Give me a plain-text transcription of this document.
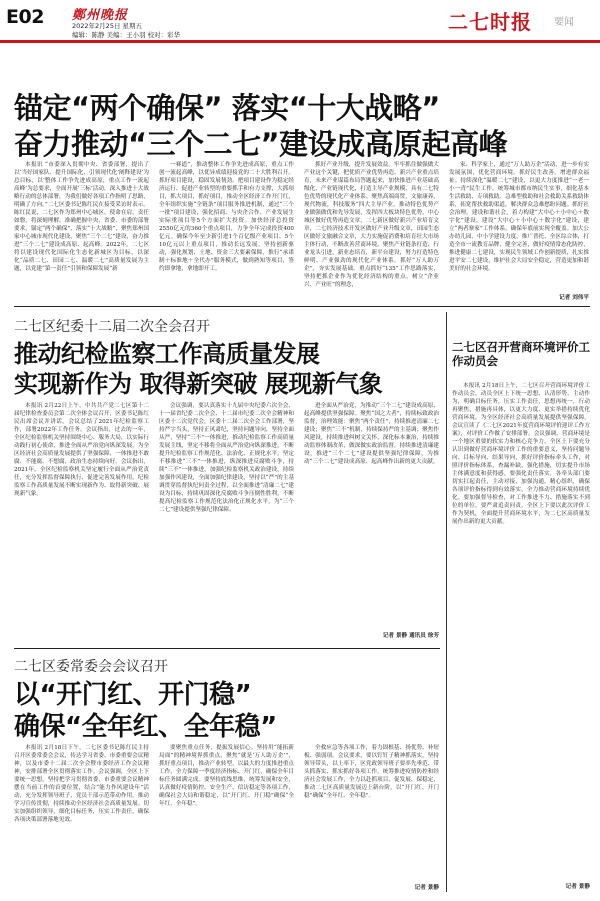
E02 鄭州晚报
2022年2月25日 星期五
编辑：陈静 美编：王小羽 校对：彩华
二七时报 要闻
锚定“两个确保” 落实“十大战略”
奋力推动“三个二七”建设成高原起高峰

本报讯 “市委深入贯彻中央、省委部署，提出了以‘当好国家队、提升国际化、引领现代化’阐释建设‘为总目标，以‘整体工作争先进成高原，重点工作一流起高峰’为总要求，全面开展‘三标’活动，深入推进十大战略行动的总体部署，为我们做好各项工作指明了思路，明确了方向。”二七区委书记陈红民在接受采访时表示。陈红民说，二七区作为郑州中心城区，使命在肩，责任如磐，将深刻理解、准确把握中央、省委、市委的部署要求，锚定“两个确保”，落实“十大战略”，聚焦郑州国家中心城市现代化建设，聚焦“三个二七”建设，奋力推进“三个二七”建设成高原、起高峰。2022年，二七区将以建设现代化国际化生态化新城区为目标，以深化“品质二七、田园二七、温暖二七”高质量发展为主题，以党建“第一责任”引领和保障发展“新

一赛道”，推动整体工作争先进成高原，重点工作创一流起高峰，以优异成绩迎接党的二十大胜利召开。抓好项目建设，稳固发展韧劲。把项目建设作为稳定经济运行、促进产业转型的重要抓手和有力支撑，大抓项目，抓大项目，抓好项目，推动全区经济工作开门红，全年组织实施“全链条”项目服务推进机制，通过“三个一批”项目建设，强化招商、与央企合作、产业发展生实际重项目等5个方面扩大投资。加快经济总投资2550亿元的360个重点项目，力争全年完成投资400亿元。确保今年至少新引进1个百亿级产业项目、5个10亿元以上重点项目，推动长远发展。坚持创新驱动，强化规划、土地、资金三大要素保障，推行“承诺制＋标准地＋全代办”服务模式，做到熟知等项目，签约即拿地，拿地即开工。

抓好产业升级，提升发展效益。牢牢抓住做强做大产业这个关键，把优质产业优势再造、新兴产业重点培育，未来产业谋篇布局答题起来，加快推进产业基础高级化、产业链现代化，打造主导产业规模、具有二七特色优势的现代化产业体系。聚焦高端商贸，文旅康养，现代物流，科技服务“四大主导产业，推动特色优势产业做强做优和先导发展，发挥四大板块特色优势，中心城区做好优势再造文章，二七新区做好新兴产业培育文章，二七经济技术开发区做好产业升级文章，田园生态区做好文旅融合文章，大力实施促消费和培育壮大市场主体行动，不断改善营商环境，聚焦产业链条打造、行业龙头引进，新业态培育，新平台建设，努力打造特色鲜明、产业强劲的现代化产业体系。抓好“万人助万企”，夯实发展基础。重点抓好“135”工作思路落实，坚持把抓企业作为优化经济结构的重点，树立“企业兴、产业旺”的理念，

家、科学家上，通过“万人助万企”活动，进一步有实发展氛围，优化营商环境。抓好民生改善，增进群众福祉。持续深化“温暖二七”建设，以更大力度推进“一老一小一青”民生工作，统筹城市都市纳民生实事，细化基本生活救助、专项救助、急难型救助和社会救助关系救助体系，拓宽帮扶救助渠道，解决群众急难愁盼问题。抓好社会治理，建设和谐社会，着力构建“大中心＋小中心＋数字化”建设，建设“大中心＋小中心＋数字化”建设，建立“两者寨家”工作体系，确保年底前实现全覆盖。加大公办幼儿园、中小学建设力度，推广普托、全区综合体，打造全市一流教育品牌，健全完善，做好疫情常态化防控，推进健康二七建设，实现民生领域工作创新提质，扎实推进平安二七建设，维护社会大局安全稳定，营造更加和谐美好的社会环境。

记者 刘伟平
二七区纪委十二届二次全会召开
推动纪检监察工作高质量发展
实现新作为 取得新突破 展现新气象

本报讯 2月22日上午，中共共产党二七区第十二届纪律检查委员会第二次全体会议召开，区委书记陈红民出席会议并讲话。会议总结了2021年纪检监察工作，部署2022年工作任务。会议指出，过去的一年，全区纪检监察机关坚持围绕中心、服务大局，以实际行动践行初心使命，推进全面从严治党向纵深发展，为全区经济社会高质量发展提供了坚强保障，一体推进不敢腐、不能腐、不想腐，政治生态持续向好。会议指出，2021年，全区纪检监察机关坚定履行全面从严治党责任，充分发挥监督保障执行、促进完善发展作用，纪检监察工作高质量发展不断实现新作为、取得新突破、展现新气象。

会议强调，要认真落实十九届中央纪委六次全会、十一届省纪委二次全会、十二届市纪委二次全会精神和区委十二次党代会，区委十二届二次全会工作部署，坚持严字当头，坚持正风肃纪，坚持问题导向，坚持全面从严，坚持“三不”一体推进，推动纪检监察工作高质量发展主线，坚定不移将全面从严治党向纵深推进，不断提升纪检监察工作规范化、法治化、正规化水平，坚定不移推进“三不”一体推进，纵深推进反腐败斗争，持续“三不”一体推进，加强纪检监察机关政治建设，持续加强作风建设，全面加强纪律建设，坚持以“严”的主基调贯穿监督执纪问责全过程，以全面推进“清廉二七”建设为目标，持续巩固深化反腐败斗争压倒性胜利，不断提高纪检监察工作规范化法治化正规化水平，为“三个二七”建设提供坚强纪律保障。

进全面从严治党，为推动“三个二七”建设成高原、起高峰提供坚强保障。聚焦“国之大者”，持续标致政治监督，治理效能：聚焦“两个责任”，持续推进清廉二七建设；聚焦“三不”机制，持续保持严的主基调；聚焦作风建设，持续推进纠树文关怀，深化标本兼治，持续推动监察体制改革，做深做实政治监督，持续推进清廉建设，推进“三个二七”建设提供坚强纪律保障，为推动“三个二七”建设成高原、起高峰作出新的更大贡献。

记者 景静 通讯员 徐芳
二七区召开营商环境评价工作动员会

本报讯 2月18日上午，二七区召开营商环境评价工作动员会，动员全区上下统一思想、认清形势、主动作为，明确目标任务，压实工作责任，思想再统一，行动再聚焦，措施再具体，以更大力度、更实举措持续优化营商环境，为全区经济社会高质量发展提供坚强保障。会议宣读了《二七区2021年度营商环境评价迎评工作方案》，对评价工作做了安排部署。会议强调，营商环境是一个地区重要的软实力和核心竞争力，全区上下要充分认识到做好营商环境评价工作的重要意义，坚持问题导向、目标导向、结果导向，抓好评价指标牵头工作，对照评价指标体系，查漏补缺，强化措施，切实提升市场主体满意度和获得感。要强化责任落实，各牵头部门要切实扛起责任，主动对接，加强沟通，精心组织，确保各项评价指标得到有效落实，全力推动营商环境持续优化。要加强督导检查，对工作推进不力、措施落实不到位的单位，要严肃追责问责。全区上下要以此次评价工作为契机，全面提升营商环境水平，为二七区高质量发展作出新的更大贡献。

记者 景静
二七区委常委会会议召开
以“开门红、开门稳”
确保“全年红、全年稳”

本报讯 2月18日下午，二七区委书记陈红民主持召开区委常委会会议，传达学习省委、市委重要会议精神，以及市委十二届二次全会暨市委经济工作会议精神，安排部署全区贯彻落实工作。会议强调，全区上下要统一思想，坚持把学习贯彻省委、市委重要会议精神摆在当前工作的首要位置，结合“能力作风建设年”活动，充分发挥领导班子、党员干部示范带动作用，推动学习宣传贯彻，持续推动全区经济社会高质量发展。切实加强组织领导，细化目标任务，压实工作责任，确保各项决策部署落地见效。

要聚焦重点任务，提振发展信心。坚持用“能拓新局面”的精神境界抓重点，聚焦“就是‘万人助万企’”，抓好重点项目，推动产业转型，以最大的力度推进重点工作，全力保障一季度经济指标、开门红，确保全年目标任务圆满完成。要坚持底线思维，统筹发展和安全，认真做好疫情防控、安全生产、信访稳定等各项工作，确保社会大局和谐稳定，以“开门红、开门稳”确保“全年红、全年稳”。

全救应急等各项工作，着力固根基、扬优势、补短板、强弱项。会议要求，要以钉钉子精神抓落实，坚持领导带头，以上率下，区党政领导班子要率先垂范、带头抓落实、抓实抓好各项工作，统筹推进疫情防控和经济社会发展工作，全力以赴抓项目、促发展、保稳定，推动二七区高质量发展迈上新台阶，以“开门红、开门稳”确保“全年红、全年稳”。

记者 景静
